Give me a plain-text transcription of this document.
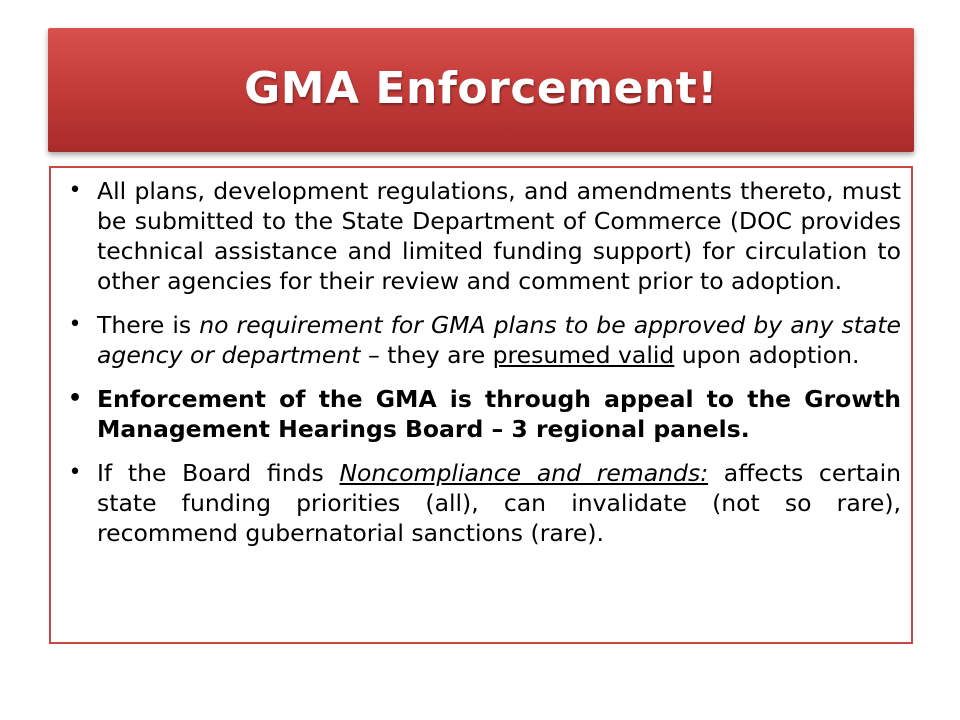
GMA Enforcement!
• All plans, development regulations, and amendments thereto, must be submitted to the State Department of Commerce (DOC provides technical assistance and limited funding support) for circulation to other agencies for their review and comment prior to adoption.
• There is no requirement for GMA plans to be approved by any state agency or department – they are presumed valid upon adoption.
• Enforcement of the GMA is through appeal to the Growth Management Hearings Board – 3 regional panels.
• If the Board finds Noncompliance and remands: affects certain state funding priorities (all), can invalidate (not so rare), recommend gubernatorial sanctions (rare).
